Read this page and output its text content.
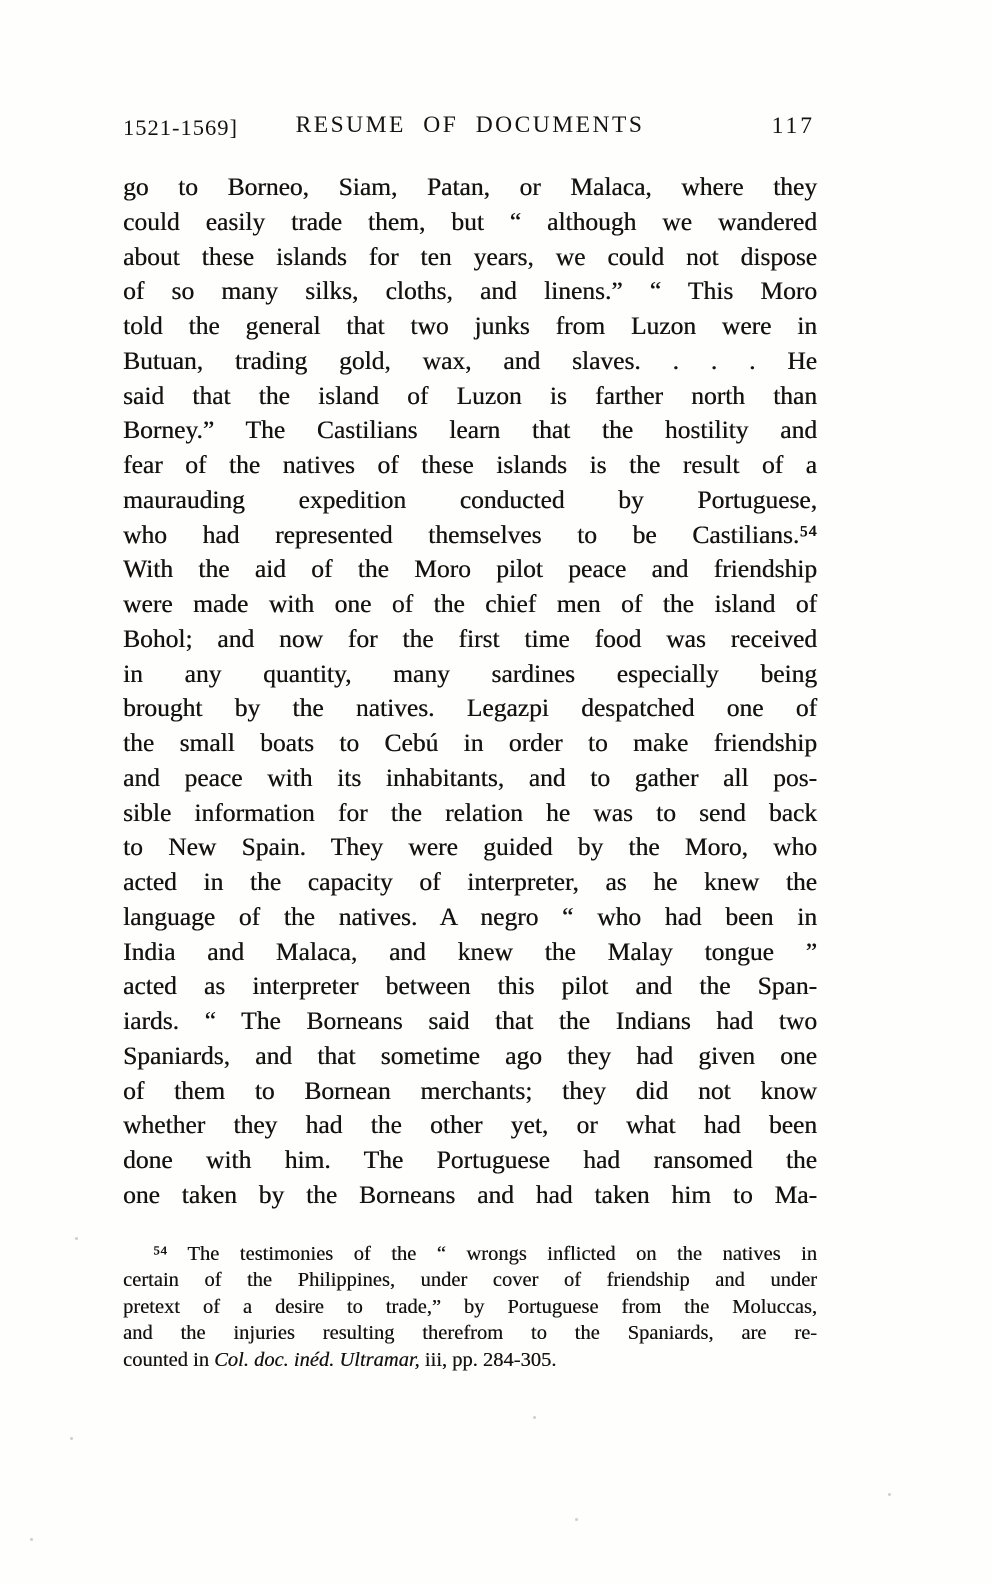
1521-1569]	RESUME OF DOCUMENTS	117
go to Borneo, Siam, Patan, or Malaca, where they
could easily trade them, but “ although we wandered
about these islands for ten years, we could not dispose
of so many silks, cloths, and linens.” “ This Moro
told the general that two junks from Luzon were in
Butuan, trading gold, wax, and slaves. . . . He
said that the island of Luzon is farther north than
Borney.” The Castilians learn that the hostility and
fear of the natives of these islands is the result of a
maurauding expedition conducted by Portuguese,
who had represented themselves to be Castilians.⁵⁴
With the aid of the Moro pilot peace and friendship
were made with one of the chief men of the island of
Bohol; and now for the first time food was received
in any quantity, many sardines especially being
brought by the natives. Legazpi despatched one of
the small boats to Cebú in order to make friendship
and peace with its inhabitants, and to gather all pos-
sible information for the relation he was to send back
to New Spain. They were guided by the Moro, who
acted in the capacity of interpreter, as he knew the
language of the natives. A negro “ who had been in
India and Malaca, and knew the Malay tongue ”
acted as interpreter between this pilot and the Span-
iards. “ The Borneans said that the Indians had two
Spaniards, and that sometime ago they had given one
of them to Bornean merchants; they did not know
whether they had the other yet, or what had been
done with him. The Portuguese had ransomed the
one taken by the Borneans and had taken him to Ma-
⁵⁴ The testimonies of the “ wrongs inflicted on the natives in
certain of the Philippines, under cover of friendship and under
pretext of a desire to trade,” by Portuguese from the Moluccas,
and the injuries resulting therefrom to the Spaniards, are re-
counted in Col. doc. inéd. Ultramar, iii, pp. 284-305.
